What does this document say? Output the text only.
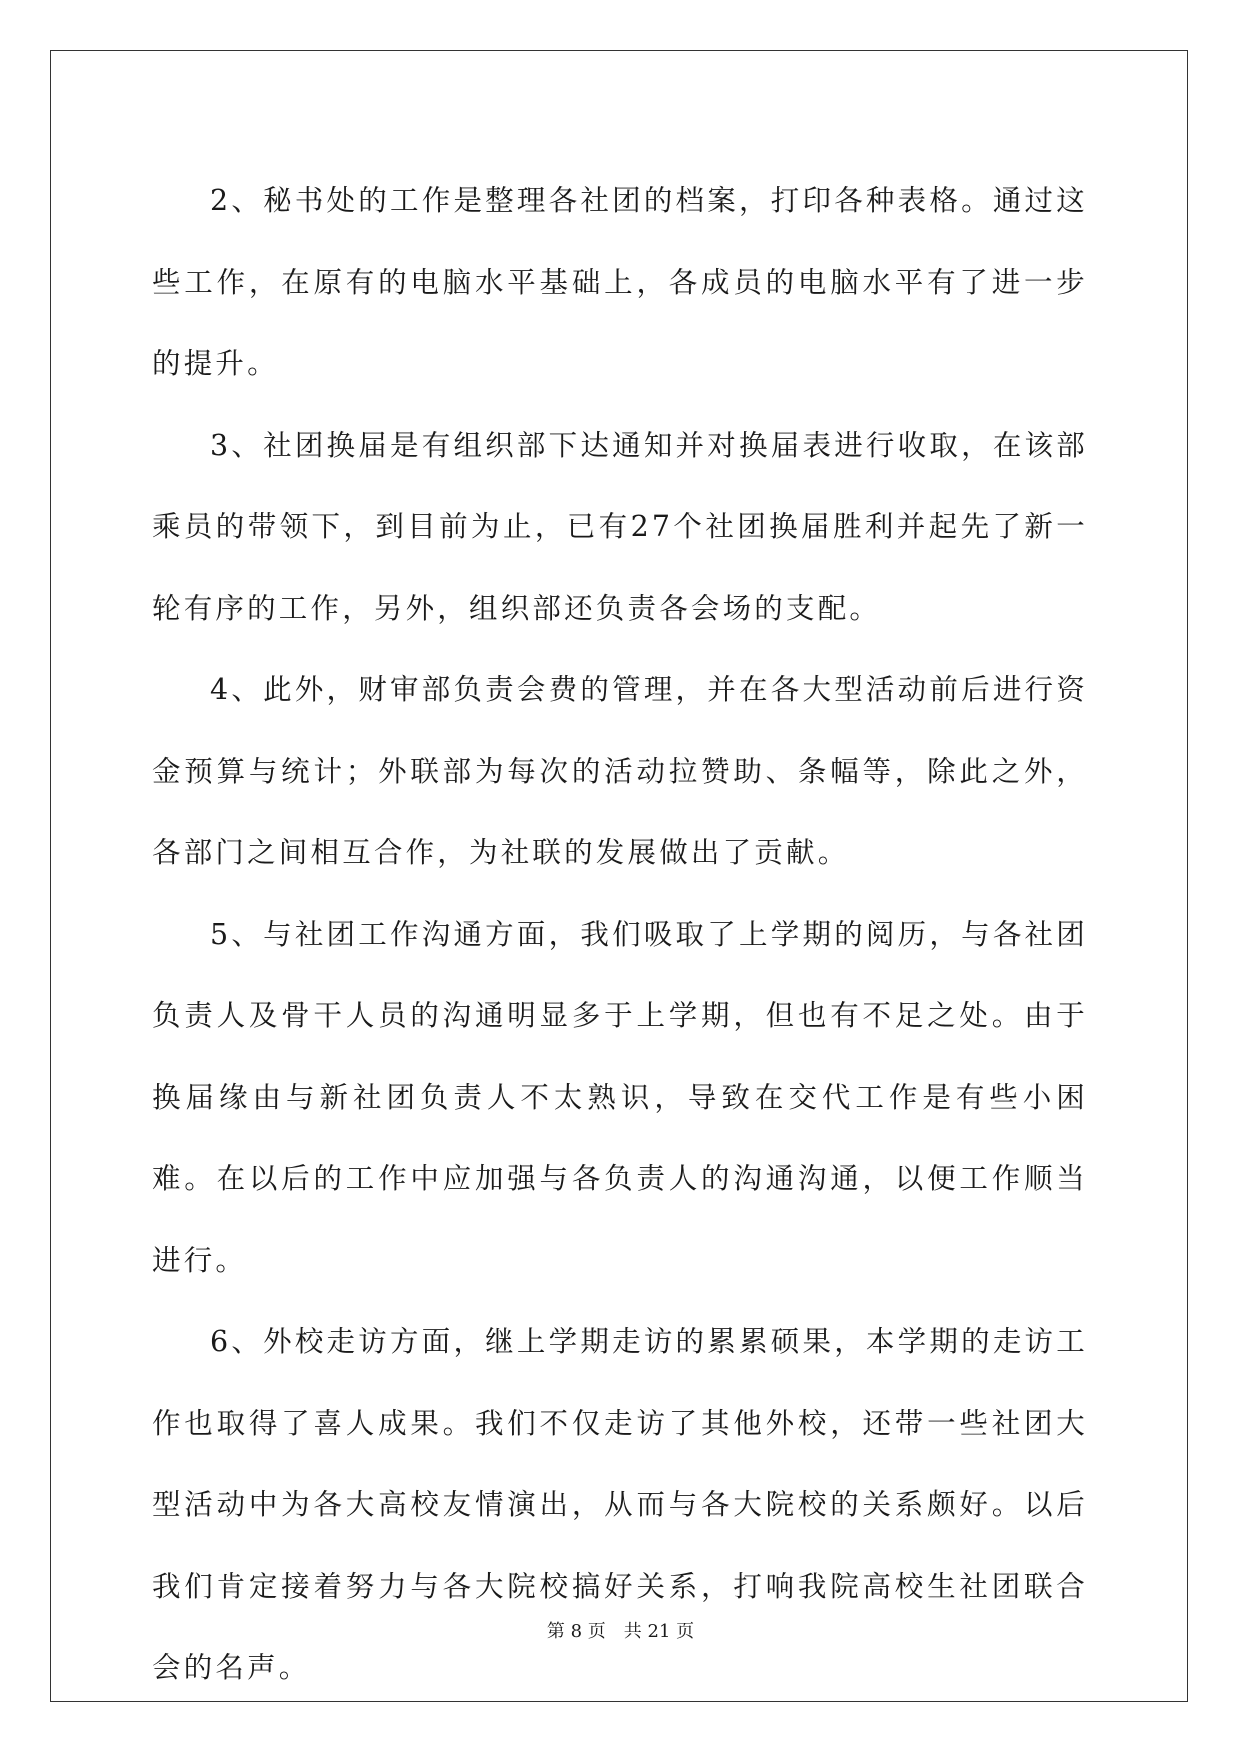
2、秘书处的工作是整理各社团的档案，打印各种表格。通过这些工作，在原有的电脑水平基础上，各成员的电脑水平有了进一步的提升。

3、社团换届是有组织部下达通知并对换届表进行收取，在该部乘员的带领下，到目前为止，已有27个社团换届胜利并起先了新一轮有序的工作，另外，组织部还负责各会场的支配。

4、此外，财审部负责会费的管理，并在各大型活动前后进行资金预算与统计；外联部为每次的活动拉赞助、条幅等，除此之外，各部门之间相互合作，为社联的发展做出了贡献。

5、与社团工作沟通方面，我们吸取了上学期的阅历，与各社团负责人及骨干人员的沟通明显多于上学期，但也有不足之处。由于换届缘由与新社团负责人不太熟识，导致在交代工作是有些小困难。在以后的工作中应加强与各负责人的沟通沟通，以便工作顺当进行。

6、外校走访方面，继上学期走访的累累硕果，本学期的走访工作也取得了喜人成果。我们不仅走访了其他外校，还带一些社团大型活动中为各大高校友情演出，从而与各大院校的关系颇好。以后我们肯定接着努力与各大院校搞好关系，打响我院高校生社团联合会的名声。

第 8 页 共 21 页
